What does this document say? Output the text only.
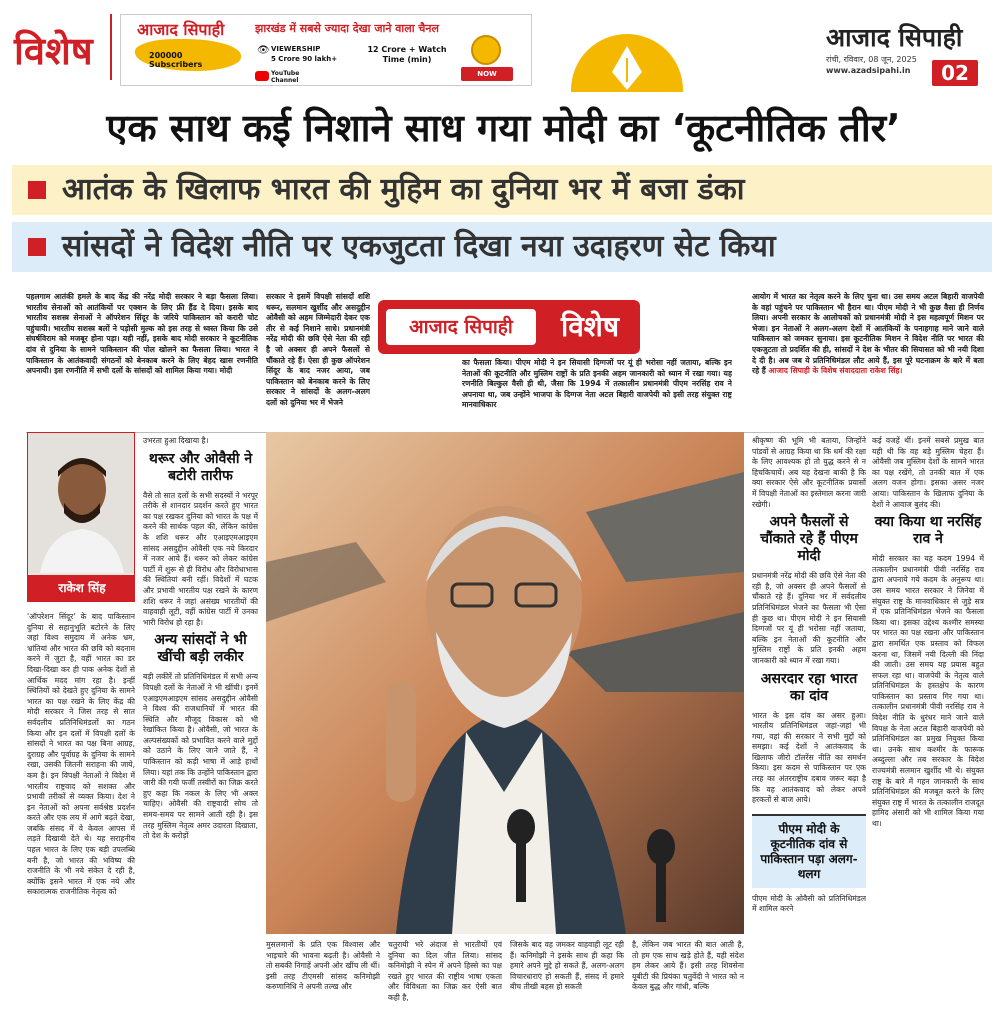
विशेष	आजाद सिपाही	झारखंड में सबसे ज्यादा देखा जाने वाला चैनल
200000 Subscribers
👁 VIEWERSHIP
5 Crore 90 lakh+
12 Crore + Watch Time (min)
YouTube Channel
NOW
आजाद सिपाही
रांची, रविवार, 08 जून, 2025
www.azadsipahi.in	02
एक साथ कई निशाने साध गया मोदी का ‘कूटनीतिक तीर’
आतंक के खिलाफ भारत की मुहिम का दुनिया भर में बजा डंका
सांसदों ने विदेश नीति पर एकजुटता दिखा नया उदाहरण सेट किया
पहलगाम आतंकी हमले के बाद केंद्र की नरेंद्र मोदी सरकार ने बड़ा फैसला लिया। भारतीय सेनाओं को आतंकियों पर एक्शन के लिए फ्री हैंड दे दिया। इसके बाद भारतीय सशस्त्र सेनाओं ने ऑपरेशन सिंदूर के जरिये पाकिस्तान को करारी चोट पहुंचायी। भारतीय सशस्त्र बलों ने पड़ोसी मुल्क को इस तरह से ध्वस्त किया कि उसे संघर्षविराम को मजबूर होना पड़ा। यही नहीं, इसके बाद मोदी सरकार ने कूटनीतिक दांव से दुनिया के सामने पाकिस्तान की पोल खोलने का फैसला लिया। भारत ने पाकिस्तान के आतंकवादी संगठनों को बेनकाब करने के लिए बेहद खास रणनीति अपनायी। इस रणनीति में सभी दलों के सांसदों को शामिल किया गया। मोदी
सरकार ने इसमें विपक्षी सांसदों शशि थरूर, सलमान खुर्शीद और असदुद्दीन ओवैसी को अहम जिम्मेदारी देकर एक तीर से कई निशाने साधे। प्रधानमंत्री नरेंद्र मोदी की छवि ऐसे नेता की रही है जो अक्सर ही अपने फैसलों से चौंकाते रहे हैं। ऐसा ही कुछ ऑपरेशन सिंदूर के बाद नजर आया, जब पाकिस्तान को बेनकाब करने के लिए सरकार ने सांसदों के अलग-अलग दलों को दुनिया भर में भेजने
आजाद सिपाही	विशेष
का फैसला किया। पीएम मोदी ने इन सियासी दिग्गजों पर यूं ही भरोसा नहीं जताया, बल्कि इन नेताओं की कूटनीति और मुस्लिम राष्ट्रों के प्रति इनकी अहम जानकारी को ध्यान में रखा गया। यह रणनीति बिल्कुल वैसी ही थी, जैसा कि 1994 में तत्कालीन प्रधानमंत्री पीएम नरसिंह राव ने अपनाया था, जब उन्होंने भाजपा के दिग्गज नेता अटल बिहारी वाजपेयी को इसी तरह संयुक्त राष्ट्र मानवाधिकार
आयोग में भारत का नेतृत्व करने के लिए चुना था। उस समय अटल बिहारी वाजपेयी के वहां पहुंचने पर पाकिस्तान भी हैरान था। पीएम मोदी ने भी कुछ वैसा ही निर्णय लिया। अपनी सरकार के आलोचकों को प्रधानमंत्री मोदी ने इस महत्वपूर्ण मिशन पर भेजा। इन नेताओं ने अलग-अलग देशों में आतंकियों के पनाहगाह माने जाने वाले पाकिस्तान को जमकर सुनाया। इस कूटनीतिक मिशन ने विदेश नीति पर भारत की एकजुटता तो प्रदर्शित की ही, सांसदों ने देश के भीतर की सियासत को भी नयी दिशा दे दी है। अब जब ये प्रतिनिधिमंडल लौट आये हैं, इस पूरे घटनाक्रम के बारे में बता रहे हैं आजाद सिपाही के विशेष संवाददाता राकेश सिंह।
राकेश सिंह
'ऑपरेशन सिंदूर' के बाद पाकिस्तान दुनिया से सहानुभूति बटोरने के लिए जहां विश्व समुदाय में अनेक भ्रम, भ्रांतियां और भारत की छवि को बदनाम करने में जुटा है, वहीं भारत का डर दिखा-दिखा कर ही पाक अनेक देशों से आर्थिक मदद मांग रहा है। इन्हीं स्थितियों को देखते हुए दुनिया के सामने भारत का पक्ष रखने के लिए केंद्र की मोदी सरकार ने जिस तरह से सात सर्वदलीय प्रतिनिधिमंडलों का गठन किया और इन दलों में विपक्षी दलों के सांसदों ने भारत का पक्ष बिना आग्रह, दुराग्रह और पूर्वाग्रह के दुनिया के सामने रखा, उसकी जितनी सराहना की जाये, कम है। इन विपक्षी नेताओं ने विदेश में भारतीय राष्ट्रवाद को सशक्त और प्रभावी तरीकों से व्यक्त किया। देश ने इन नेताओं को अपना सर्वश्रेष्ठ प्रदर्शन करते और एक लय में आगे बढ़ते देखा, जबकि संसद में वे केवल आपस में लड़ते दिखायी देते थे। यह सराहनीय पहल भारत के लिए एक बड़ी उपलब्धि बनी है, जो भारत की भविष्य की राजनीति के भी नये संकेत दे रही है, क्योंकि इसने भारत में एक नये और सकारात्मक राजनीतिक नेतृत्व को

उभरता हुआ दिखाया है।

थरूर और ओवैसी ने बटोरी तारीफ

वैसे तो सात दलों के सभी सदस्यों ने भरपूर तरीके से शानदार प्रदर्शन करते हुए भारत का पक्ष रखकर दुनिया को भारत के पक्ष में करने की सार्थक पहल की, लेकिन कांग्रेस के शशि थरूर और एआइएमआइएम सांसद असदुद्दीन ओवैसी एक नये किरदार में नजर आये हैं। थरूर को लेकर कांग्रेस पार्टी में शुरू से ही विरोध और विरोधाभास की स्थितियां बनी रहीं। विदेशों में घटक और प्रभावी भारतीय पक्ष रखने के कारण शशि थरूर ने जहां असंख्य भारतीयों की वाहवाही लूटी, वहीं कांग्रेस पार्टी में उनका भारी विरोध हो रहा है।

अन्य सांसदों ने भी खींची बड़ी लकीर

बड़ी लकीरें तो प्रतिनिधिमंडल में सभी अन्य विपक्षी दलों के नेताओं ने भी खींची। इनमें एआइएमआइएम सांसद असदुद्दीन ओवैसी ने विश्व की राजधानियों में भारत की स्थिति और मौजूद विकास को भी रेखांकित किया है। ओवैसी, जो भारत के अल्पसंख्यकों को प्रभावित करने वाले मुद्दों को उठाने के लिए जाने जाते हैं, ने पाकिस्तान को कड़ी भाषा में आड़े हाथों लिया। यहां तक कि उन्होंने पाकिस्तान द्वारा जारी की गयी फर्जी तस्वीरों का जिक्र करते हुए कहा कि नकल के लिए भी अक्ल चाहिए। ओवैसी की राष्ट्रवादी सोच तो समय-समय पर सामने आती रही है। इस तरह मुस्लिम नेतृत्व अमर उदारता दिखाता, तो देश के करोड़ों

मुसलमानों के प्रति एक विश्वास और भाइचारे की भावना बढ़ती है। ओवैसी ने तो सबकी निगाहें अपनी ओर खींच ली थीं। इसी तरह टीएमसी सांसद कनिमोझी करुणानिधि ने अपनी तल्ख और
चतुरायी भरे अंदाज से भारतीयों एवं दुनिया का दिल जीत लिया। सांसद कनिमोझी ने स्पेन में अपने हिस्से का पक्ष रखते हुए भारत की राष्ट्रीय भाषा एकता और विविधता का जिक्र कर ऐसी बात कही है,
जिसके बाद वह जमकर वाहवाही लूट रही हैं। कनिमोझी ने इसके साथ ही कहा कि हमारे अपने मुद्दे हो सकते हैं, अलग-अलग विचारधाराएं हो सकती हैं, संसद में हमारे बीच तीखी बहस हो सकती
है, लेकिन जब भारत की बात आती है, तो हम एक साथ खड़े होते हैं, यही संदेश हम लेकर आये हैं। इसी तरह शिवसेना यूबीटी की प्रियंका चतुर्वेदी ने भारत को न केवल बुद्ध और गांधी, बल्कि

श्रीकृष्ण की भूमि भी बताया, जिन्होंने पांडवों से आग्रह किया था कि धर्म की रक्षा के लिए आवश्यक हो तो युद्ध करने से न हिचकिचायें। अब यह देखना बाकी है कि क्या सरकार ऐसे और कूटनीतिक प्रयासों में विपक्षी नेताओं का इस्तेमाल करना जारी रखेगी।

अपने फैसलों से चौंकाते रहे हैं पीएम मोदी

प्रधानमंत्री नरेंद्र मोदी की छवि ऐसे नेता की रही है, जो अक्सर ही अपने फैसलों से चौंकाते रहे हैं। दुनिया भर में सर्वदलीय प्रतिनिधिमंडल भेजने का फैसला भी ऐसा ही कुछ था। पीएम मोदी ने इन सियासी दिग्गजों पर यूं ही भरोसा नहीं जताया, बल्कि इन नेताओं की कूटनीति और मुस्लिम राष्ट्रों के प्रति इनकी अहम जानकारी को ध्यान में रखा गया।

असरदार रहा भारत का दांव

भारत के इस दांव का असर हुआ। भारतीय प्रतिनिधिमंडल जहां-जहां भी गया, वहां की सरकार ने सभी मुद्दों को समझा। कई देशों ने आतंकवाद के खिलाफ जीरो टॉलरेंस नीति का समर्थन किया। इस कदम से पाकिस्तान पर एक तरह का अंतरराष्ट्रीय दबाव जरूर बढ़ा है कि वह आतंकवाद को लेकर अपने हरकतों से बाज आये।

पीएम मोदी के कूटनीतिक दांव से पाकिस्तान पड़ा अलग-थलग

पीएम मोदी के ओवैसी को प्रतिनिधिमंडल में शामिल करने

कई वजहें थीं। इनमें सबसे प्रमुख बात यही थी कि वह बड़े मुस्लिम चेहरा हैं। ओवैसी जब मुस्लिम देशों के सामने भारत का पक्ष रखेंगे, तो उनकी बात में एक अलग वजन होगा। इसका असर नजर आया। पाकिस्तान के खिलाफ दुनिया के देशों ने आवाज बुलंद की।

क्या किया था नरसिंह राव ने

मोदी सरकार का यह कदम 1994 में तत्कालीन प्रधानमंत्री पीवी नरसिंह राव द्वारा अपनाये गये कदम के अनुरूप था। उस समय भारत सरकार ने जिनेवा में संयुक्त राष्ट्र के मानवाधिकार से जुड़े सत्र में एक प्रतिनिधिमंडल भेजने का फैसला किया था। इसका उद्देश्य कश्मीर समस्या पर भारत का पक्ष रखना और पाकिस्तान द्वारा समर्थित एक प्रस्ताव को विफल करना था, जिसमें नयी दिल्ली की निंदा की जाती। उस समय यह प्रयास बहुत सफल रहा था। वाजपेयी के नेतृत्व वाले प्रतिनिधिमंडल के हस्तक्षेप के कारण पाकिस्तान का प्रस्ताव गिर गया था। तत्कालीन प्रधानमंत्री पीवी नरसिंह राव ने विदेश नीति के धुरंधर माने जाने वाले विपक्ष के नेता अटल बिहारी वाजपेयी को प्रतिनिधिमंडल का प्रमुख नियुक्त किया था। उनके साथ कश्मीर के फारूक अब्दुल्ला और तब सरकार के विदेश राज्यमंत्री सलमान खुर्शीद भी थे। संयुक्त राष्ट्र के बारे में गहन जानकारी के साथ प्रतिनिधिमंडल की मजबूत करने के लिए संयुक्त राष्ट्र में भारत के तत्कालीन राजदूत हामिद अंसारी को भी शामिल किया गया था।
